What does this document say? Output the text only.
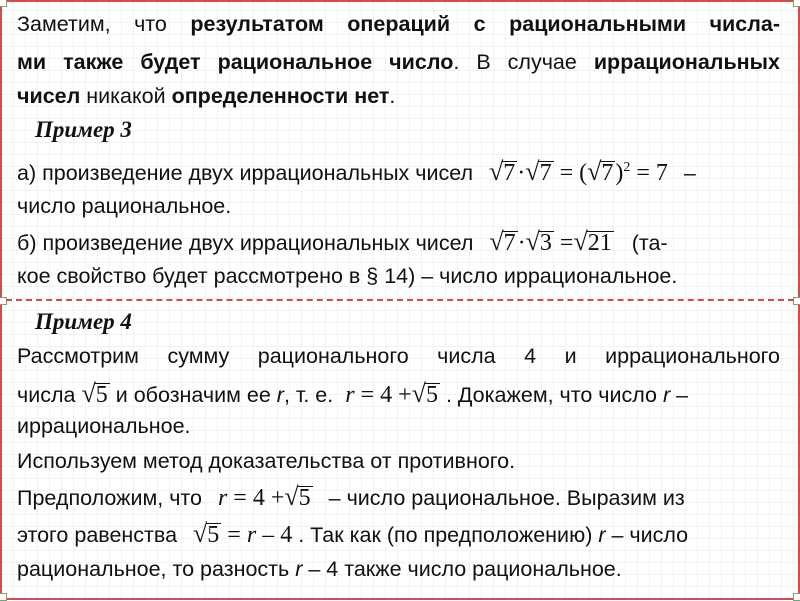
Заметим, что результатом операций с рациональными числа-
ми также будет рациональное число. В случае иррациональных
чисел никакой определенности нет.
Пример 3
а) произведение двух иррациональных чисел $√7\cdot√7 = (√7)^2 = 7$ –
число рациональное.
б) произведение двух иррациональных чисел √7·√3 =√21 (та-
кое свойство будет рассмотрено в § 14) – число иррациональное.
Пример 4
Рассмотрим сумму рационального числа 4 и иррационального
числа √5 и обозначим ее r, т. е. r = 4 +√5 . Докажем, что число r –
иррациональное.
Используем метод доказательства от противного.
Предположим, что r = 4 +√5 – число рациональное. Выразим из
этого равенства √5 = r – 4 . Так как (по предположению) r – число
рациональное, то разность r – 4 также число рациональное.
